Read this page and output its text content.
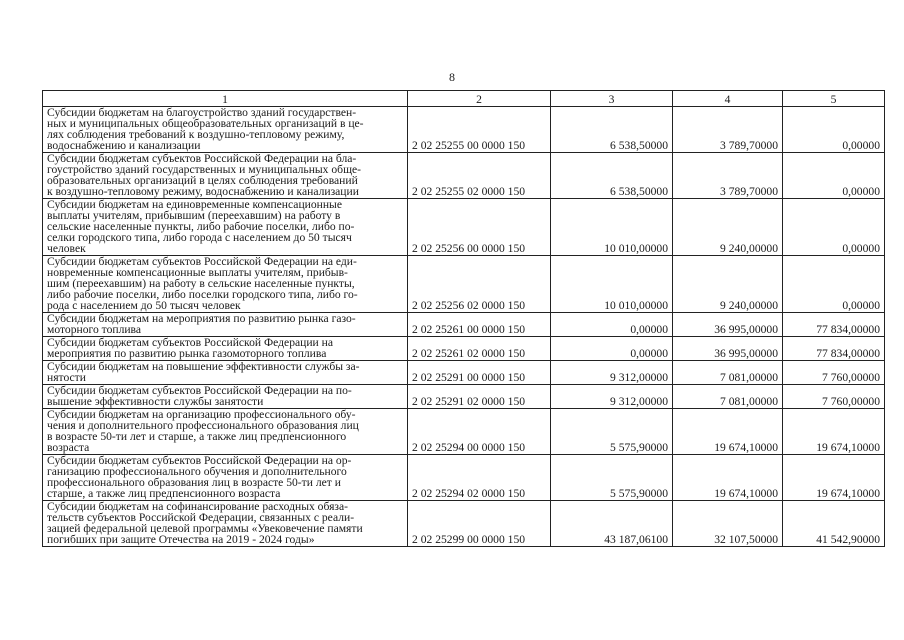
8
1	2	3	4	5
Субсидии бюджетам на благоустройство зданий государствен-
ных и муниципальных общеобразовательных организаций в це-
лях соблюдения требований к воздушно-тепловому режиму,
водоснабжению и канализации	2 02 25255 00 0000 150	6 538,50000	3 789,70000	0,00000
Субсидии бюджетам субъектов Российской Федерации на бла-
гоустройство зданий государственных и муниципальных обще-
образовательных организаций в целях соблюдения требований
к воздушно-тепловому режиму, водоснабжению и канализации	2 02 25255 02 0000 150	6 538,50000	3 789,70000	0,00000
Субсидии бюджетам на единовременные компенсационные
выплаты учителям, прибывшим (переехавшим) на работу в
сельские населенные пункты, либо рабочие поселки, либо по-
селки городского типа, либо города с населением до 50 тысяч
человек	2 02 25256 00 0000 150	10 010,00000	9 240,00000	0,00000
Субсидии бюджетам субъектов Российской Федерации на еди-
новременные компенсационные выплаты учителям, прибыв-
шим (переехавшим) на работу в сельские населенные пункты,
либо рабочие поселки, либо поселки городского типа, либо го-
рода с населением до 50 тысяч человек	2 02 25256 02 0000 150	10 010,00000	9 240,00000	0,00000
Субсидии бюджетам на мероприятия по развитию рынка газо-
моторного топлива	2 02 25261 00 0000 150	0,00000	36 995,00000	77 834,00000
Субсидии бюджетам субъектов Российской Федерации на
мероприятия по развитию рынка газомоторного топлива	2 02 25261 02 0000 150	0,00000	36 995,00000	77 834,00000
Субсидии бюджетам на повышение эффективности службы за-
нятости	2 02 25291 00 0000 150	9 312,00000	7 081,00000	7 760,00000
Субсидии бюджетам субъектов Российской Федерации на по-
вышение эффективности службы занятости	2 02 25291 02 0000 150	9 312,00000	7 081,00000	7 760,00000
Субсидии бюджетам на организацию профессионального обу-
чения и дополнительного профессионального образования лиц
в возрасте 50-ти лет и старше, а также лиц предпенсионного
возраста	2 02 25294 00 0000 150	5 575,90000	19 674,10000	19 674,10000
Субсидии бюджетам субъектов Российской Федерации на ор-
ганизацию профессионального обучения и дополнительного
профессионального образования лиц в возрасте 50-ти лет и
старше, а также лиц предпенсионного возраста	2 02 25294 02 0000 150	5 575,90000	19 674,10000	19 674,10000
Субсидии бюджетам на софинансирование расходных обяза-
тельств субъектов Российской Федерации, связанных с реали-
зацией федеральной целевой программы «Увековечение памяти
погибших при защите Отечества на 2019 - 2024 годы»	2 02 25299 00 0000 150	43 187,06100	32 107,50000	41 542,90000
